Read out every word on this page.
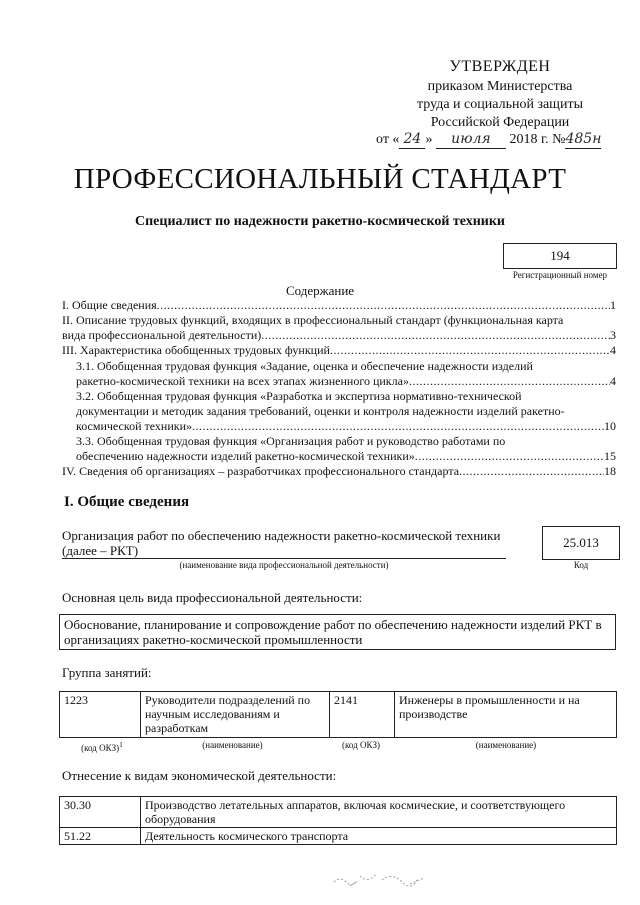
УТВЕРЖДЕН
приказом Министерства
труда и социальной защиты
Российской Федерации
от « 24 » июля 2018 г. №485н
ПРОФЕССИОНАЛЬНЫЙ СТАНДАРТ
Специалист по надежности ракетно-космической техники
194
Регистрационный номер
Содержание
I. Общие сведения .....	1
II. Описание трудовых функций, входящих в профессиональный стандарт (функциональная карта
вида профессиональной деятельности) .....	3
III. Характеристика обобщенных трудовых функций .....	4
3.1. Обобщенная трудовая функция «Задание, оценка и обеспечение надежности изделий
ракетно-космической техники на всех этапах жизненного цикла» .....	4
3.2. Обобщенная трудовая функция «Разработка и экспертиза нормативно-технической
документации и методик задания требований, оценки и контроля надежности изделий ракетно-
космической техники» .....	10
3.3. Обобщенная трудовая функция «Организация работ и руководство работами по
обеспечению надежности изделий ракетно-космической техники» .....	15
IV. Сведения об организациях – разработчиках профессионального стандарта .....	18
I. Общие сведения
Организация работ по обеспечению надежности ракетно-космической техники (далее – РКТ)
(наименование вида профессиональной деятельности)
25.013
Код
Основная цель вида профессиональной деятельности:
Обоснование, планирование и сопровождение работ по обеспечению надежности изделий РКТ в организациях ракетно-космической промышленности
Группа занятий:
1223	Руководители подразделений по научным исследованиям и разработкам	2141	Инженеры в промышленности и на производстве
(код ОКЗ)$^1$	(наименование)	(код ОКЗ)	(наименование)
Отнесение к видам экономической деятельности:
30.30	Производство летательных аппаратов, включая космические, и соответствующего оборудования
51.22	Деятельность космического транспорта
